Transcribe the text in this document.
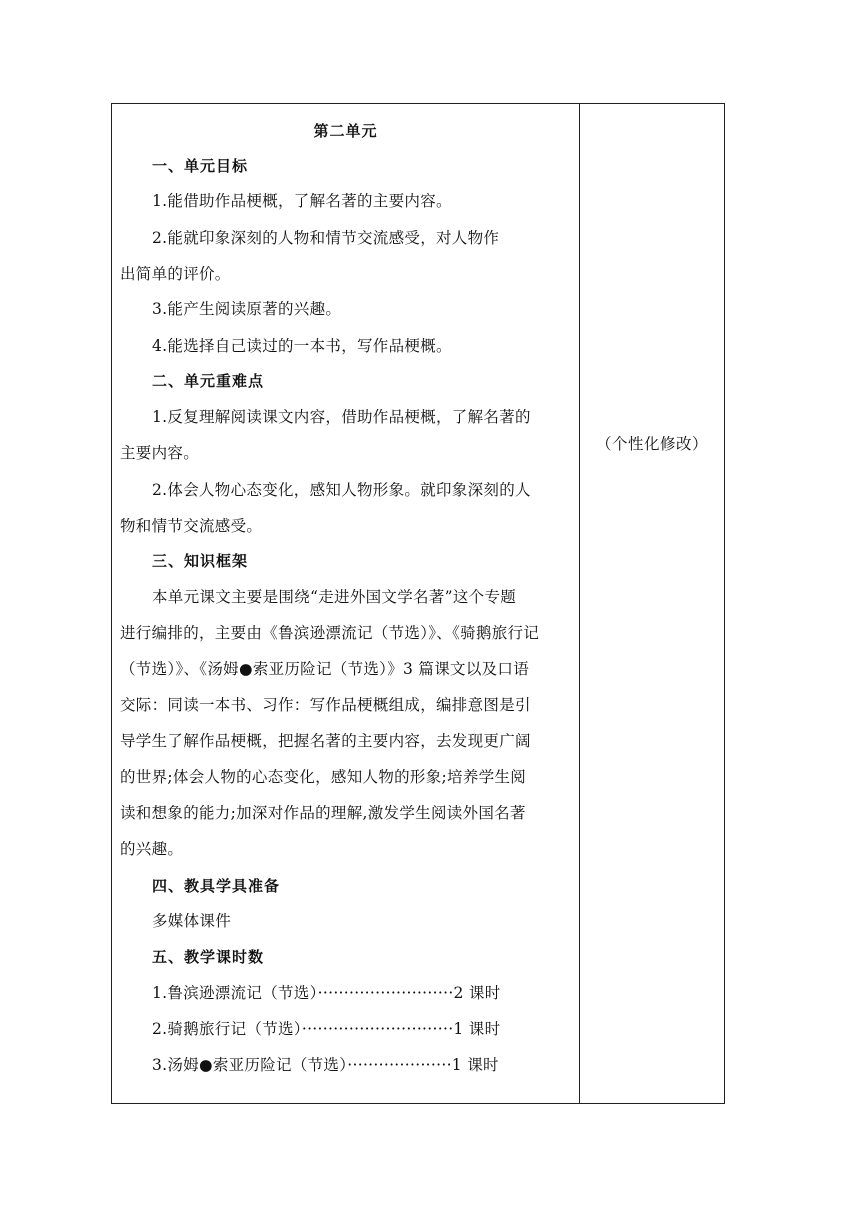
第二单元
一、单元目标
1.能借助作品梗概，了解名著的主要内容。
2.能就印象深刻的人物和情节交流感受，对人物作
出简单的评价。
3.能产生阅读原著的兴趣。
4.能选择自己读过的一本书，写作品梗概。
二、单元重难点
1.反复理解阅读课文内容，借助作品梗概，了解名著的
主要内容。
2.体会人物心态变化，感知人物形象。就印象深刻的人
物和情节交流感受。
三、知识框架
本单元课文主要是围绕“走进外国文学名著”这个专题
进行编排的，主要由《鲁滨逊漂流记（节选）》、《骑鹅旅行记
（节选）》、《汤姆●索亚历险记（节选）》3 篇课文以及口语
交际：同读一本书、习作：写作品梗概组成，编排意图是引
导学生了解作品梗概，把握名著的主要内容，去发现更广阔
的世界;体会人物的心态变化，感知人物的形象;培养学生阅
读和想象的能力;加深对作品的理解,激发学生阅读外国名著
的兴趣。
四、教具学具准备
多媒体课件
五、教学课时数
1.鲁滨逊漂流记（节选）··························2 课时
2.骑鹅旅行记（节选）·····························1 课时
3.汤姆●索亚历险记（节选）····················1 课时
（个性化修改）
